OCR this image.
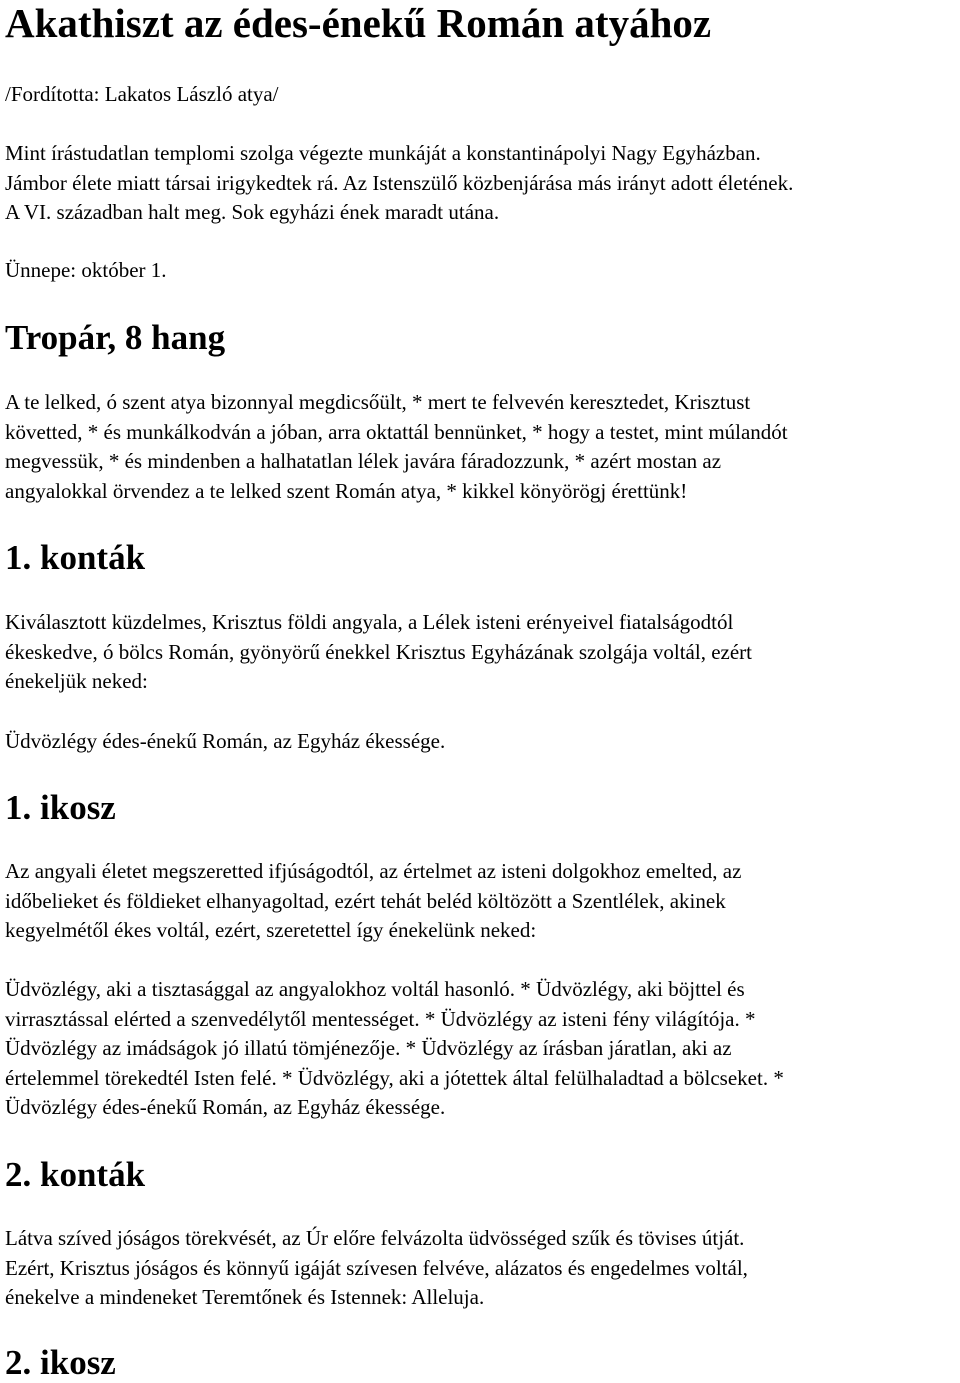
Akathiszt az édes-énekű Román atyához

/Fordította: Lakatos László atya/

Mint írástudatlan templomi szolga végezte munkáját a konstantinápolyi Nagy Egyházban.
Jámbor élete miatt társai irigykedtek rá. Az Istenszülő közbenjárása más irányt adott életének.
A VI. században halt meg. Sok egyházi ének maradt utána.

Ünnepe: október 1.

Tropár, 8 hang

A te lelked, ó szent atya bizonnyal megdicsőült, * mert te felvevén keresztedet, Krisztust
követted, * és munkálkodván a jóban, arra oktattál bennünket, * hogy a testet, mint múlandót
megvessük, * és mindenben a halhatatlan lélek javára fáradozzunk, * azért mostan az
angyalokkal örvendez a te lelked szent Román atya, * kikkel könyörögj érettünk!

1. konták

Kiválasztott küzdelmes, Krisztus földi angyala, a Lélek isteni erényeivel fiatalságodtól
ékeskedve, ó bölcs Román, gyönyörű énekkel Krisztus Egyházának szolgája voltál, ezért
énekeljük neked:

Üdvözlégy édes-énekű Román, az Egyház ékessége.

1. ikosz

Az angyali életet megszeretted ifjúságodtól, az értelmet az isteni dolgokhoz emelted, az
időbelieket és földieket elhanyagoltad, ezért tehát beléd költözött a Szentlélek, akinek
kegyelmétől ékes voltál, ezért, szeretettel így énekelünk neked:

Üdvözlégy, aki a tisztasággal az angyalokhoz voltál hasonló. * Üdvözlégy, aki böjttel és
virrasztással elérted a szenvedélytől mentességet. * Üdvözlégy az isteni fény világítója. *
Üdvözlégy az imádságok jó illatú tömjénezője. * Üdvözlégy az írásban járatlan, aki az
értelemmel törekedtél Isten felé. * Üdvözlégy, aki a jótettek által felülhaladtad a bölcseket. *
Üdvözlégy édes-énekű Román, az Egyház ékessége.

2. konták

Látva szíved jóságos törekvését, az Úr előre felvázolta üdvösséged szűk és tövises útját.
Ezért, Krisztus jóságos és könnyű igáját szívesen felvéve, alázatos és engedelmes voltál,
énekelve a mindeneket Teremtőnek és Istennek: Alleluja.

2. ikosz
